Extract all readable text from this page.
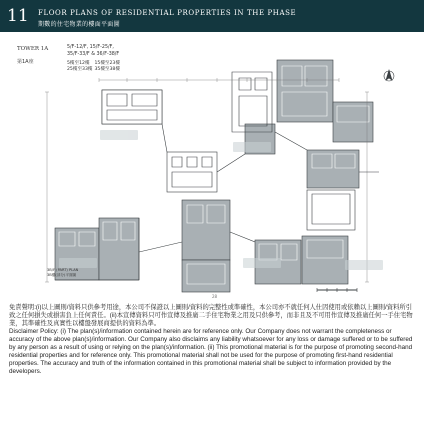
11 FLOOR PLANS OF RESIDENTIAL PROPERTIES IN THE PHASE
期數的住宅物業的樓面平面圖
TOWER 1A
第1A座
5/F-12/F, 15/F-25/F,
35/F-33/F & 36/F-38/F
5樓至12樓 15樓至23樓
25樓至33樓 35樓至38樓
3B/F (PART) PLAN
3B樓(部分)平面圖
28

免責聲明:(i)以上圖則/資料只供參考用途，本公司不保證以上圖則/資料的完整性或準確性，本公司亦不就任何人仕因使用或依賴以上圖則/資料所引致之任何損失或損害負上任何責任。(ii)本宣傳資料只可作宣傳及推廣二手住宅物業之用及只供參考，而非且及不可用作宣傳及推廣任何一手住宅物業，其準確性及真實性以樓盤發展商提供的資料為準。

Disclaimer Policy: (i) The plan(s)/information contained herein are for reference only. Our Company does not warrant the completeness or accuracy of the above plan(s)/information. Our Company also disclaims any liability whatsoever for any loss or damage suffered or to be suffered by any person as a result of using or relying on the plan(s)/information. (ii) This promotional material is for the purpose of promoting second-hand residential properties and for reference only. This promotional material shall not be used for the purpose of promoting first-hand residential properties. The accuracy and truth of the information contained in this promotional material shall be subject to information provided by the developers.
